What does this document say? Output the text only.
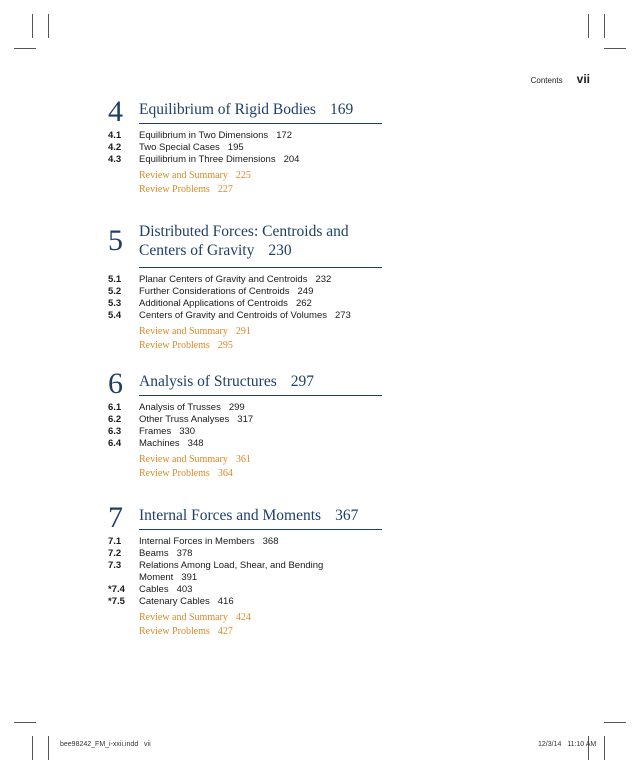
Contents vii
4 Equilibrium of Rigid Bodies 169
4.1	Equilibrium in Two Dimensions 172
4.2	Two Special Cases 195
4.3	Equilibrium in Three Dimensions 204
Review and Summary 225
Review Problems 227
5 Distributed Forces: Centroids and
Centers of Gravity 230
5.1	Planar Centers of Gravity and Centroids 232
5.2	Further Considerations of Centroids 249
5.3	Additional Applications of Centroids 262
5.4	Centers of Gravity and Centroids of Volumes 273
Review and Summary 291
Review Problems 295
6 Analysis of Structures 297
6.1	Analysis of Trusses 299
6.2	Other Truss Analyses 317
6.3	Frames 330
6.4	Machines 348
Review and Summary 361
Review Problems 364
7 Internal Forces and Moments 367
7.1	Internal Forces in Members 368
7.2	Beams 378
7.3	Relations Among Load, Shear, and Bending
Moment 391
*7.4	Cables 403
*7.5	Catenary Cables 416
Review and Summary 424
Review Problems 427
bee98242_FM_i-xxii.indd   vii	12/3/14   11:10 AM
